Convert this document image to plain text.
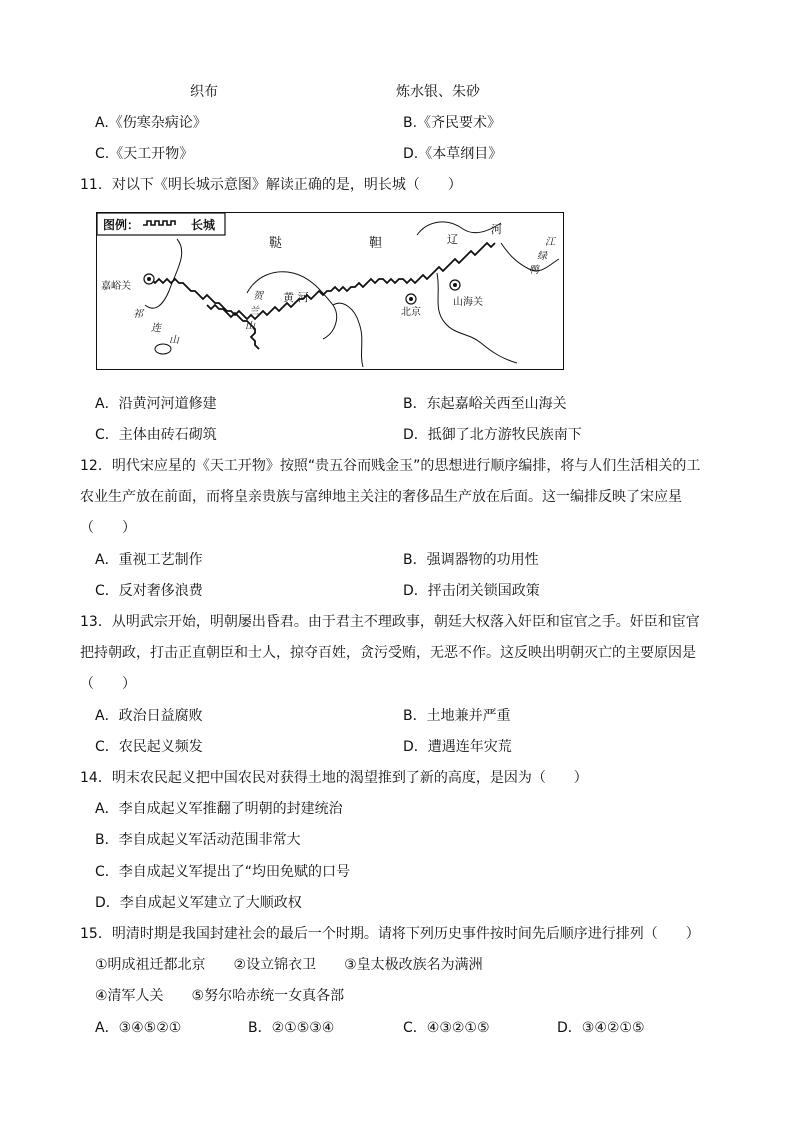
织布	炼水银、朱砂
A.《伤寒杂病论》	B.《齐民要术》
C.《天工开物》	D.《本草纲目》
11．对以下《明长城示意图》解读正确的是，明长城（　　）
图例：	长城
嘉峪关
祁
连
山
贺
兰
山
黄 河
北京
山海关
鞑	靼	辽
河
鸭
绿
江
A．沿黄河河道修建	B．东起嘉峪关西至山海关
C．主体由砖石砌筑	D．抵御了北方游牧民族南下
12．明代宋应星的《天工开物》按照“贵五谷而贱金玉”的思想进行顺序编排，将与人们生活相关的工
农业生产放在前面，而将皇亲贵族与富绅地主关注的奢侈品生产放在后面。这一编排反映了宋应星
（　　）
A．重视工艺制作	B．强调器物的功用性
C．反对奢侈浪费	D．抨击闭关锁国政策
13．从明武宗开始，明朝屡出昏君。由于君主不理政事，朝廷大权落入奸臣和宦官之手。奸臣和宦官
把持朝政，打击正直朝臣和士人，掠夺百姓，贪污受贿，无恶不作。这反映出明朝灭亡的主要原因是
（　　）
A．政治日益腐败	B．土地兼并严重
C．农民起义频发	D．遭遇连年灾荒
14．明末农民起义把中国农民对获得土地的渴望推到了新的高度，是因为（　　）
A．李自成起义军推翻了明朝的封建统治
B．李自成起义军活动范围非常大
C．李自成起义军提出了“均田免赋的口号
D．李自成起义军建立了大顺政权
15．明清时期是我国封建社会的最后一个时期。请将下列历史事件按时间先后顺序进行排列（　　）
①明成祖迁都北京　　②设立锦衣卫　　③皇太极改族名为满洲
④清军人关　　⑤努尔哈赤统一女真各部
A．③④⑤②①	B．②①⑤③④	C．④③②①⑤	D．③④②①⑤
